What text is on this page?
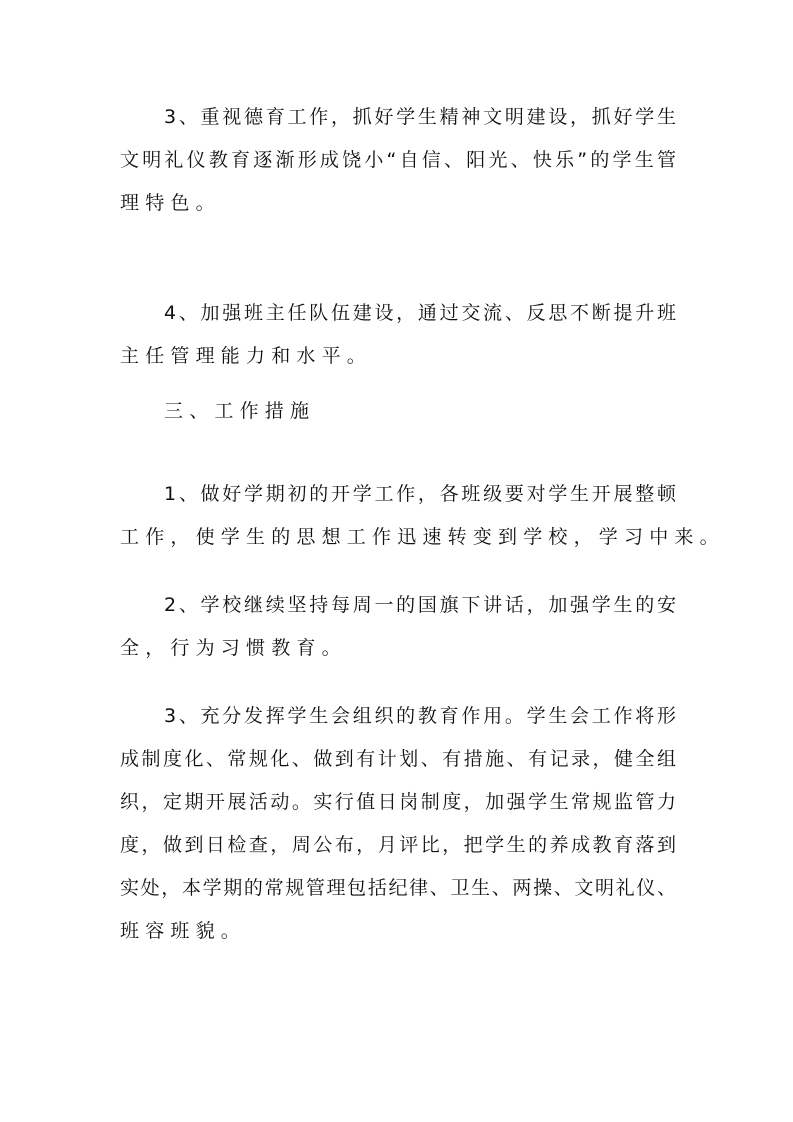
3、重视德育工作，抓好学生精神文明建设，抓好学生
文明礼仪教育逐渐形成饶小“自信、阳光、快乐”的学生管
理特色。
4、加强班主任队伍建设，通过交流、反思不断提升班
主任管理能力和水平。
三、工作措施
1、做好学期初的开学工作，各班级要对学生开展整顿
工作，使学生的思想工作迅速转变到学校，学习中来。
2、学校继续坚持每周一的国旗下讲话，加强学生的安
全，行为习惯教育。
3、充分发挥学生会组织的教育作用。学生会工作将形
成制度化、常规化、做到有计划、有措施、有记录，健全组
织，定期开展活动。实行值日岗制度，加强学生常规监管力
度，做到日检查，周公布，月评比，把学生的养成教育落到
实处，本学期的常规管理包括纪律、卫生、两操、文明礼仪、
班容班貌。
